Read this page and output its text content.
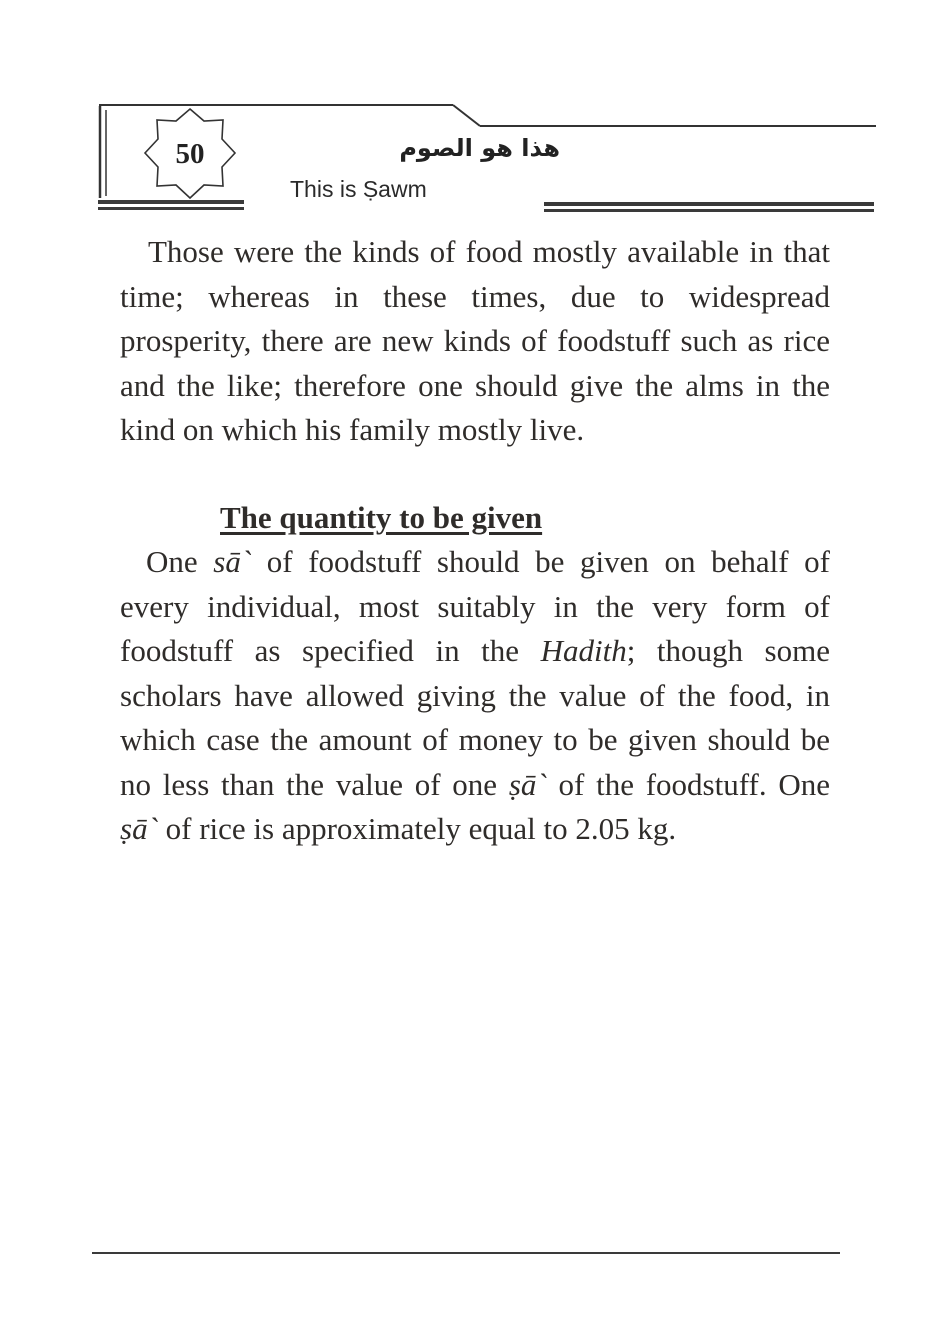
50	هذا هو الصوم
This is Ṣawm

Those were the kinds of food mostly available in that time; whereas in these times, due to widespread prosperity, there are new kinds of foodstuff such as rice and the like; therefore one should give the alms in the kind on which his family mostly live.

The quantity to be given

One sā` of foodstuff should be given on behalf of every individual, most suitably in the very form of foodstuff as specified in the Hadith; though some scholars have allowed giving the value of the food, in which case the amount of money to be given should be no less than the value of one ṣā` of the foodstuff. One ṣā` of rice is approximately equal to 2.05 kg.
